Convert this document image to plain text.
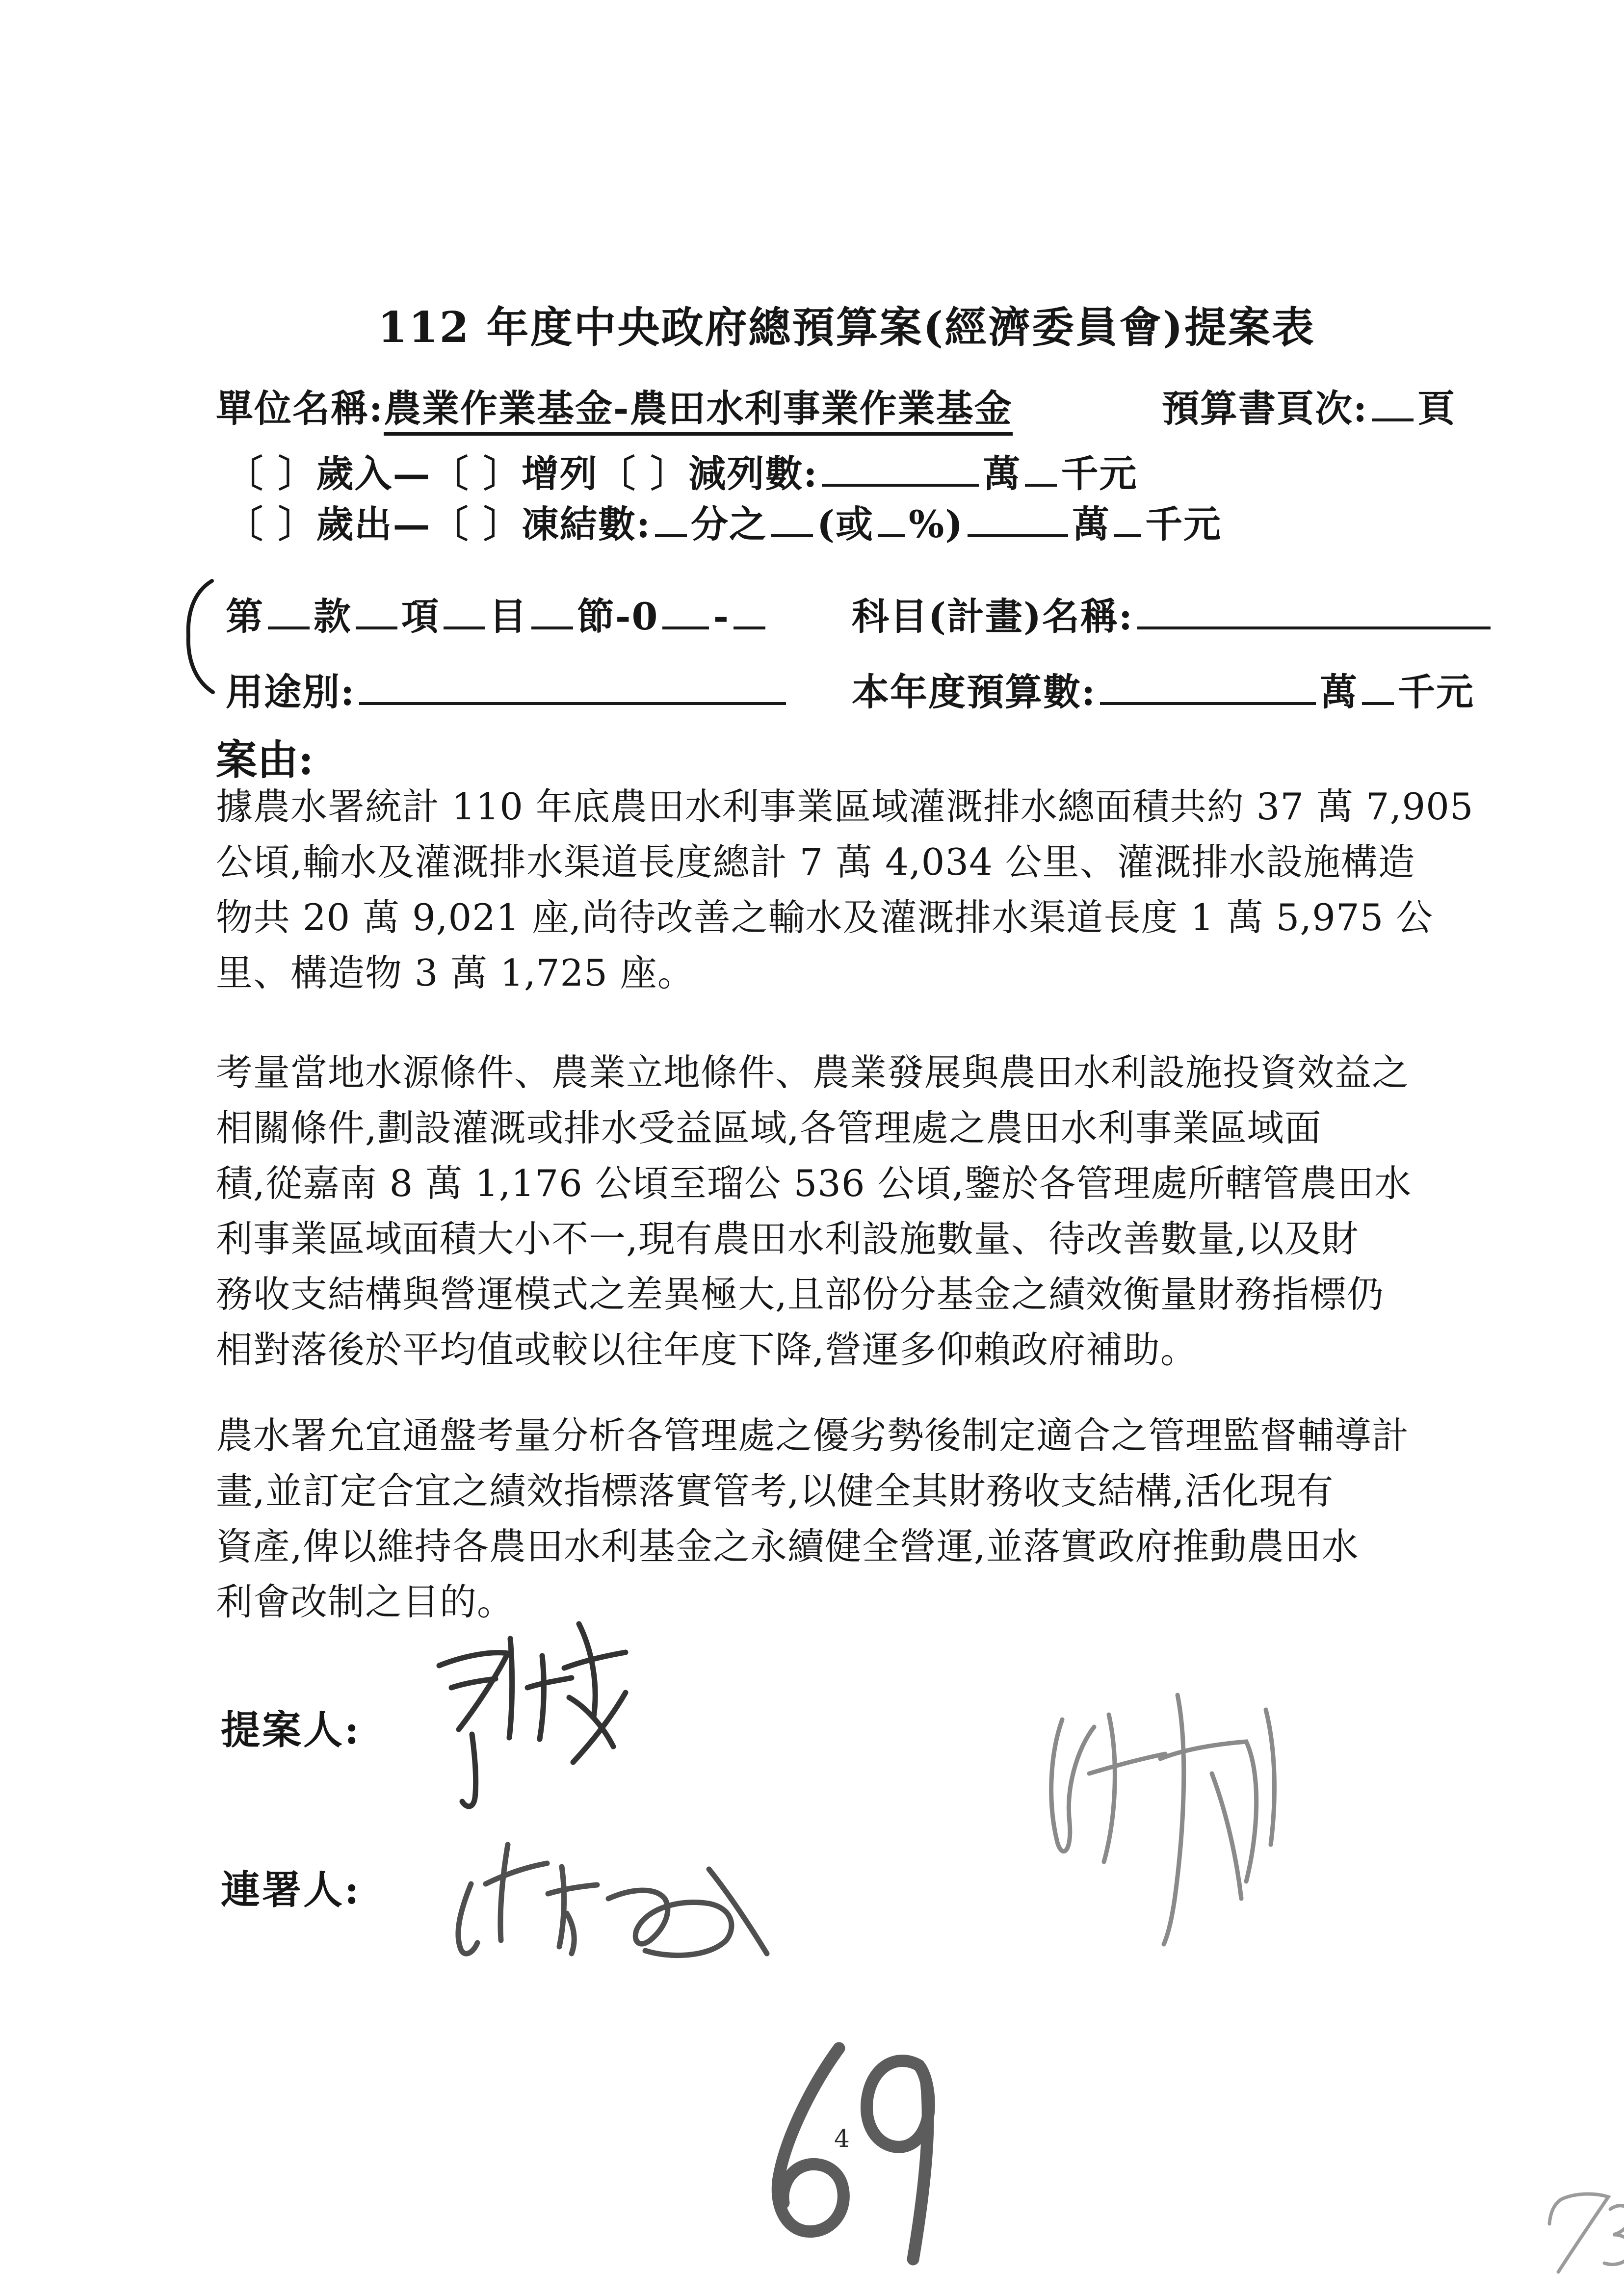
112 年度中央政府總預算案(經濟委員會)提案表
單位名稱:農業作業基金-農田水利事業作業基金	預算書頁次: 頁
〔 〕歲入—〔 〕增列〔 〕減列數:	萬 千元
〔 〕歲出—〔 〕凍結數: 分之 (或 %)	萬 千元
第 款 項 目 節-0 -	科目(計畫)名稱:
用途別:	本年度預算數:	萬 千元
案由:
據農水署統計 110 年底農田水利事業區域灌溉排水總面積共約 37 萬 7,905
公頃,輸水及灌溉排水渠道長度總計 7 萬 4,034 公里、灌溉排水設施構造
物共 20 萬 9,021 座,尚待改善之輸水及灌溉排水渠道長度 1 萬 5,975 公
里、構造物 3 萬 1,725 座。
考量當地水源條件、農業立地條件、農業發展與農田水利設施投資效益之
相關條件,劃設灌溉或排水受益區域,各管理處之農田水利事業區域面
積,從嘉南 8 萬 1,176 公頃至瑠公 536 公頃,鑒於各管理處所轄管農田水
利事業區域面積大小不一,現有農田水利設施數量、待改善數量,以及財
務收支結構與營運模式之差異極大,且部份分基金之績效衡量財務指標仍
相對落後於平均值或較以往年度下降,營運多仰賴政府補助。
農水署允宜通盤考量分析各管理處之優劣勢後制定適合之管理監督輔導計
畫,並訂定合宜之績效指標落實管考,以健全其財務收支結構,活化現有
資產,俾以維持各農田水利基金之永續健全營運,並落實政府推動農田水
利會改制之目的。
提案人:
連署人:
4
